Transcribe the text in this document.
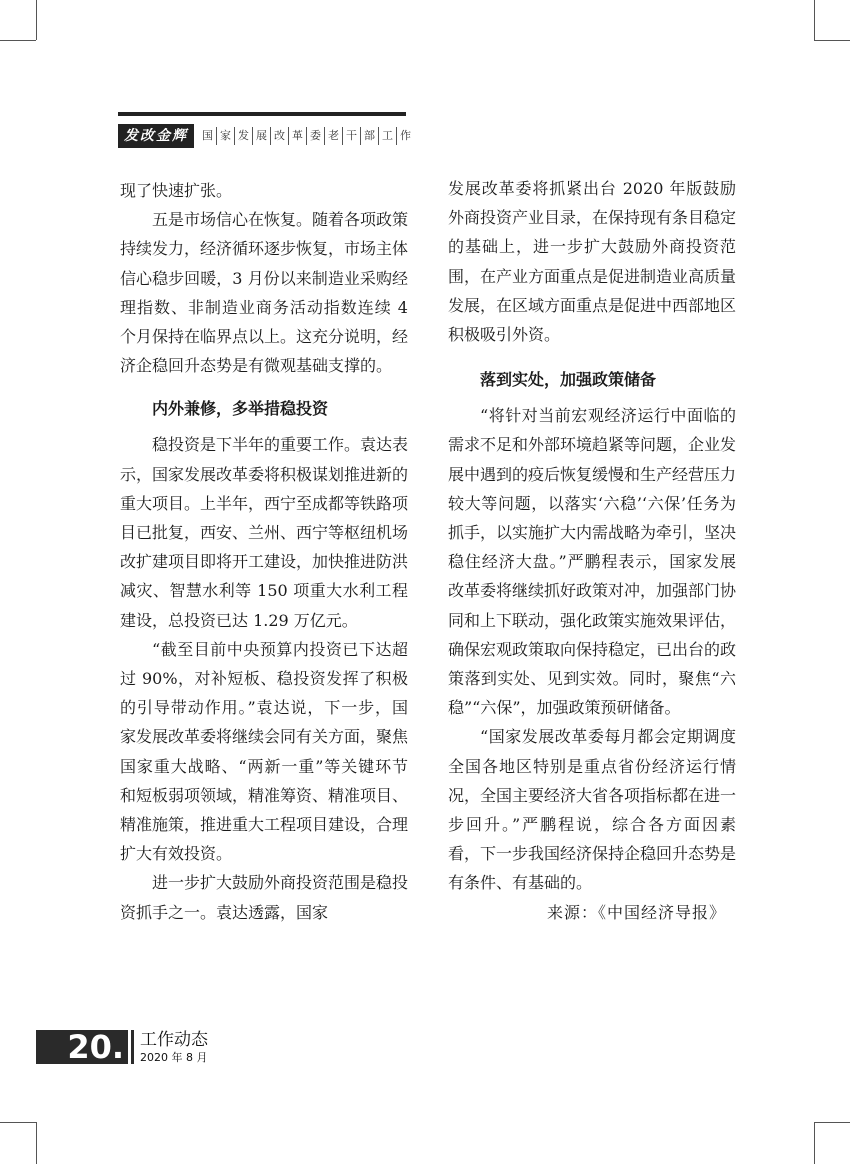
发改金辉	国 家 发 展 改 革 委 老 干 部 工 作

现了快速扩张。

五是市场信心在恢复。随着各项政策持续发力，经济循环逐步恢复，市场主体信心稳步回暖，3 月份以来制造业采购经理指数、非制造业商务活动指数连续 4 个月保持在临界点以上。这充分说明，经济企稳回升态势是有微观基础支撑的。

内外兼修，多举措稳投资

稳投资是下半年的重要工作。袁达表示，国家发展改革委将积极谋划推进新的重大项目。上半年，西宁至成都等铁路项目已批复，西安、兰州、西宁等枢纽机场改扩建项目即将开工建设，加快推进防洪减灾、智慧水利等 150 项重大水利工程建设，总投资已达 1.29 万亿元。

“截至目前中央预算内投资已下达超过 90%，对补短板、稳投资发挥了积极的引导带动作用。”袁达说，下一步，国家发展改革委将继续会同有关方面，聚焦国家重大战略、“两新一重”等关键环节和短板弱项领域，精准筹资、精准项目、精准施策，推进重大工程项目建设，合理扩大有效投资。

进一步扩大鼓励外商投资范围是稳投资抓手之一。袁达透露，国家

发展改革委将抓紧出台 2020 年版鼓励外商投资产业目录，在保持现有条目稳定的基础上，进一步扩大鼓励外商投资范围，在产业方面重点是促进制造业高质量发展，在区域方面重点是促进中西部地区积极吸引外资。

落到实处，加强政策储备

“将针对当前宏观经济运行中面临的需求不足和外部环境趋紧等问题，企业发展中遇到的疫后恢复缓慢和生产经营压力较大等问题，以落实‘六稳’‘六保’任务为抓手，以实施扩大内需战略为牵引，坚决稳住经济大盘。”严鹏程表示，国家发展改革委将继续抓好政策对冲，加强部门协同和上下联动，强化政策实施效果评估，确保宏观政策取向保持稳定，已出台的政策落到实处、见到实效。同时，聚焦“六稳”“六保”，加强政策预研储备。

“国家发展改革委每月都会定期调度全国各地区特别是重点省份经济运行情况，全国主要经济大省各项指标都在进一步回升。”严鹏程说，综合各方面因素看，下一步我国经济保持企稳回升态势是有条件、有基础的。

来源：《中国经济导报》

20. 工作动态
2020 年 8 月
